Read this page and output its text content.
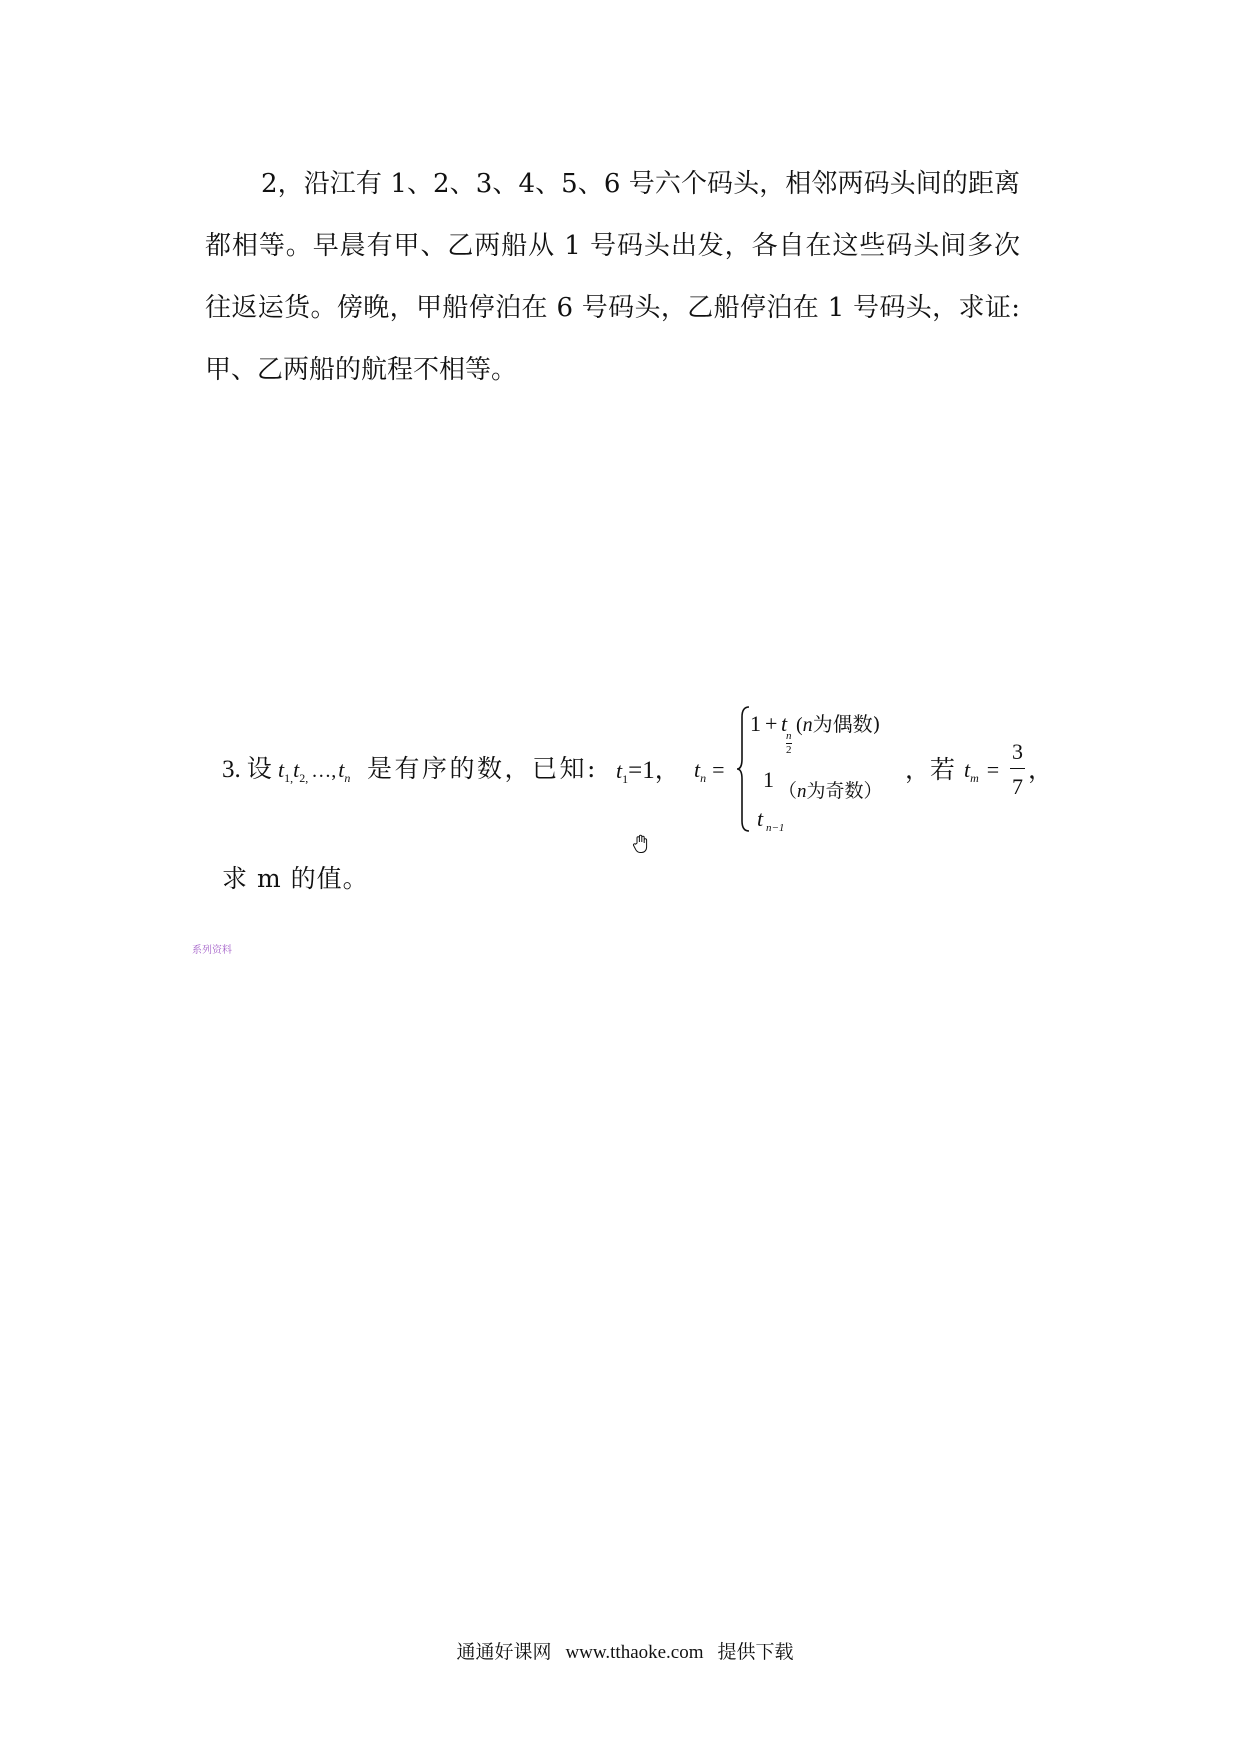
2，沿江有 1、2、3、4、5、6 号六个码头，相邻两码头间的距离
都相等。早晨有甲、乙两船从 1 号码头出发，各自在这些码头间多次
往返运货。傍晚，甲船停泊在 6 号码头，乙船停泊在 1 号码头，求证:
甲、乙两船的航程不相等。
3. 设 $t_{1,}t_{2,}$ $\dots,t_n$ 是有序的数，已知: $t_1=1$， $t_n$ =
1 + t
$\frac{n}{2}$
(n为偶数)
1
t n−1
（n为奇数）
，若 $t_m = \frac{3}{7}$ ，
求 m 的值。
系列资料
通通好课网 www.tthaoke.com 提供下载
